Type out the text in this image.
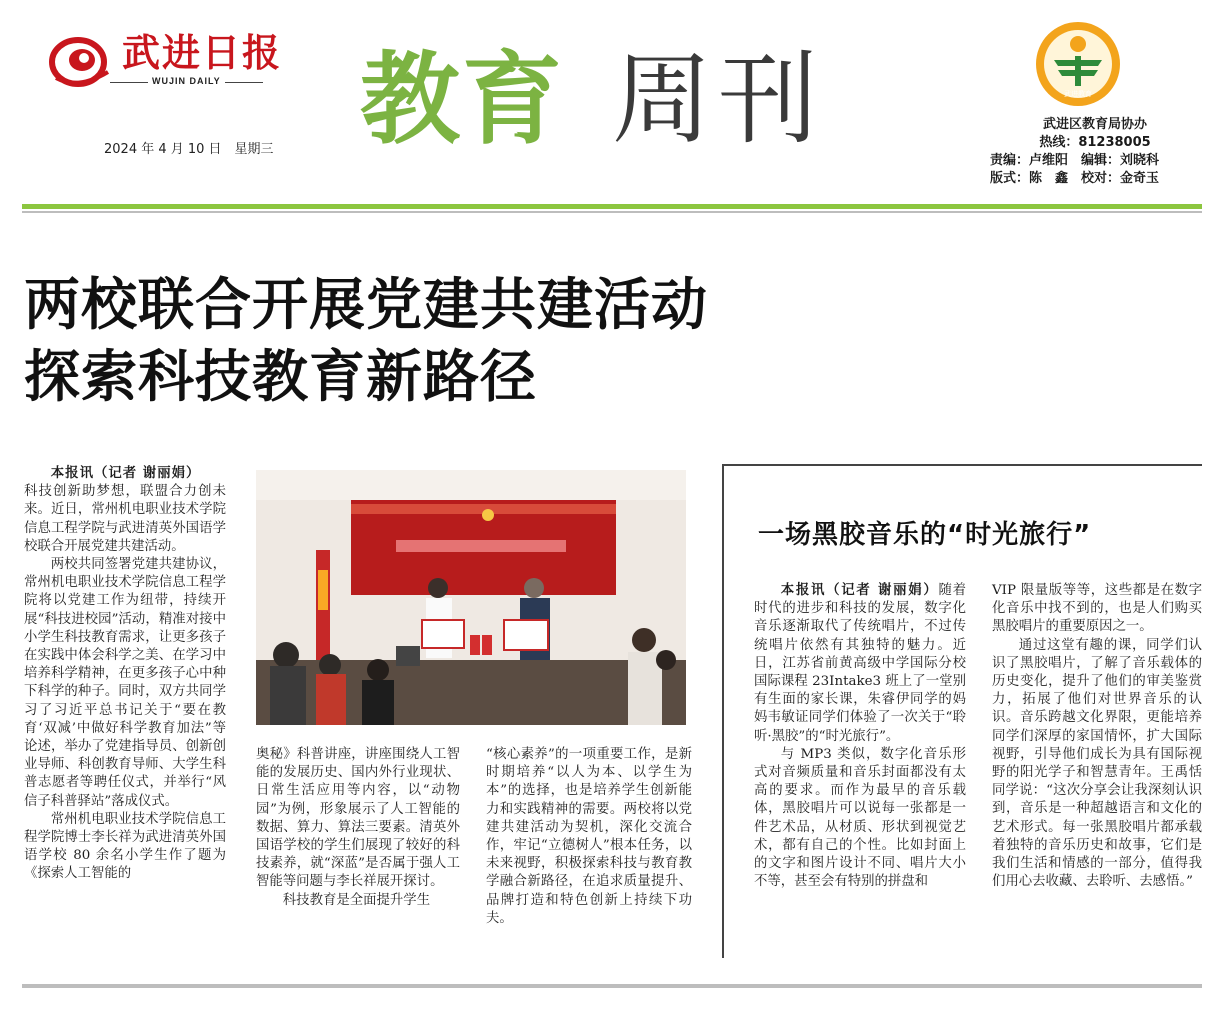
武进日报
WUJIN DAILY
2024 年 4 月 10 日　星期三 教育 周刊	武进教育
武进区教育局协办
热线：81238005
责编：卢维阳　编辑：刘晓科
版式：陈　鑫　校对：金奇玉
两校联合开展党建共建活动
探索科技教育新路径

本报讯（记者 谢丽娟）

科技创新助梦想，联盟合力创未来。近日，常州机电职业技术学院信息工程学院与武进清英外国语学校联合开展党建共建活动。

两校共同签署党建共建协议，常州机电职业技术学院信息工程学院将以党建工作为纽带，持续开展“科技进校园”活动，精准对接中小学生科技教育需求，让更多孩子在实践中体会科学之美、在学习中培养科学精神，在更多孩子心中种下科学的种子。同时，双方共同学习了习近平总书记关于“要在教育‘双减’中做好科学教育加法”等论述，举办了党建指导员、创新创业导师、科创教育导师、大学生科普志愿者等聘任仪式，并举行“风信子科普驿站”落成仪式。

常州机电职业技术学院信息工程学院博士李长祥为武进清英外国语学校 80 余名小学生作了题为《探索人工智能的

奥秘》科普讲座，讲座围绕人工智能的发展历史、国内外行业现状、日常生活应用等内容，以“动物园”为例，形象展示了人工智能的数据、算力、算法三要素。清英外国语学校的学生们展现了较好的科技素养，就“深蓝”是否属于强人工智能等问题与李长祥展开探讨。

科技教育是全面提升学生

“核心素养”的一项重要工作，是新时期培养“以人为本、以学生为本”的选择，也是培养学生创新能力和实践精神的需要。两校将以党建共建活动为契机，深化交流合作，牢记“立德树人”根本任务，以未来视野，积极探索科技与教育教学融合新路径，在追求质量提升、品牌打造和特色创新上持续下功夫。

一场黑胶音乐的“时光旅行”

本报讯（记者 谢丽娟）随着时代的进步和科技的发展，数字化音乐逐渐取代了传统唱片，不过传统唱片依然有其独特的魅力。近日，江苏省前黄高级中学国际分校国际课程 23Intake3 班上了一堂别有生面的家长课，朱睿伊同学的妈妈韦敏证同学们体验了一次关于“聆听·黑胶”的“时光旅行”。

与 MP3 类似，数字化音乐形式对音频质量和音乐封面都没有太高的要求。而作为最早的音乐载体，黑胶唱片可以说每一张都是一件艺术品，从材质、形状到视觉艺术，都有自己的个性。比如封面上的文字和图片设计不同、唱片大小不等，甚至会有特别的拼盘和

VIP 限量版等等，这些都是在数字化音乐中找不到的，也是人们购买黑胶唱片的重要原因之一。

通过这堂有趣的课，同学们认识了黑胶唱片，了解了音乐载体的历史变化，提升了他们的审美鉴赏力，拓展了他们对世界音乐的认识。音乐跨越文化界限，更能培养同学们深厚的家国情怀，扩大国际视野，引导他们成长为具有国际视野的阳光学子和智慧青年。王禹恬同学说：“这次分享会让我深刻认识到，音乐是一种超越语言和文化的艺术形式。每一张黑胶唱片都承载着独特的音乐历史和故事，它们是我们生活和情感的一部分，值得我们用心去收藏、去聆听、去感悟。”
